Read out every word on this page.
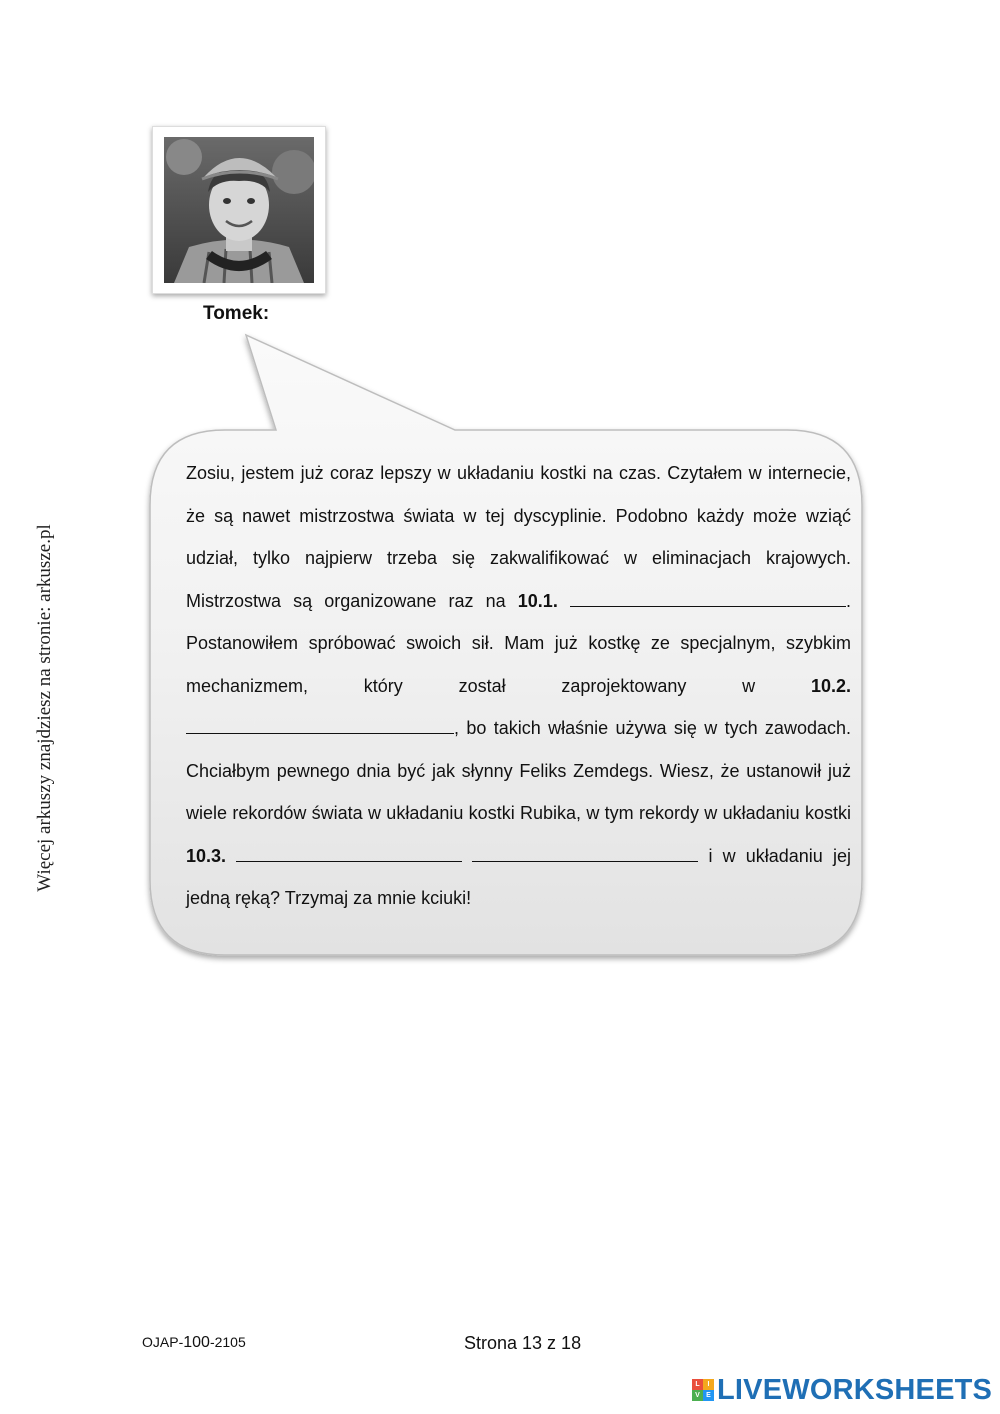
Więcej arkuszy znajdziesz na stronie: arkusze.pl
Tomek:
Zosiu, jestem już coraz lepszy w układaniu kostki na czas. Czytałem w internecie, że są nawet mistrzostwa świata w tej dyscyplinie. Podobno każdy może wziąć udział, tylko najpierw trzeba się zakwalifikować w eliminacjach krajowych. Mistrzostwa są organizowane raz na 10.1.	. Postanowiłem spróbować swoich sił. Mam już kostkę ze specjalnym, szybkim mechanizmem, który został zaprojektowany w	10.2. , bo takich właśnie używa się w tych zawodach. Chciałbym pewnego dnia być jak słynny Feliks Zemdegs. Wiesz, że ustanowił już wiele rekordów świata w układaniu kostki Rubika, w tym rekordy w układaniu kostki 10.3.	i w układaniu jej jedną ręką? Trzymaj za mnie kciuki!
OJAP-100-2105	Strona 13 z 18
L	I
V E LIVEWORKSHEETS
